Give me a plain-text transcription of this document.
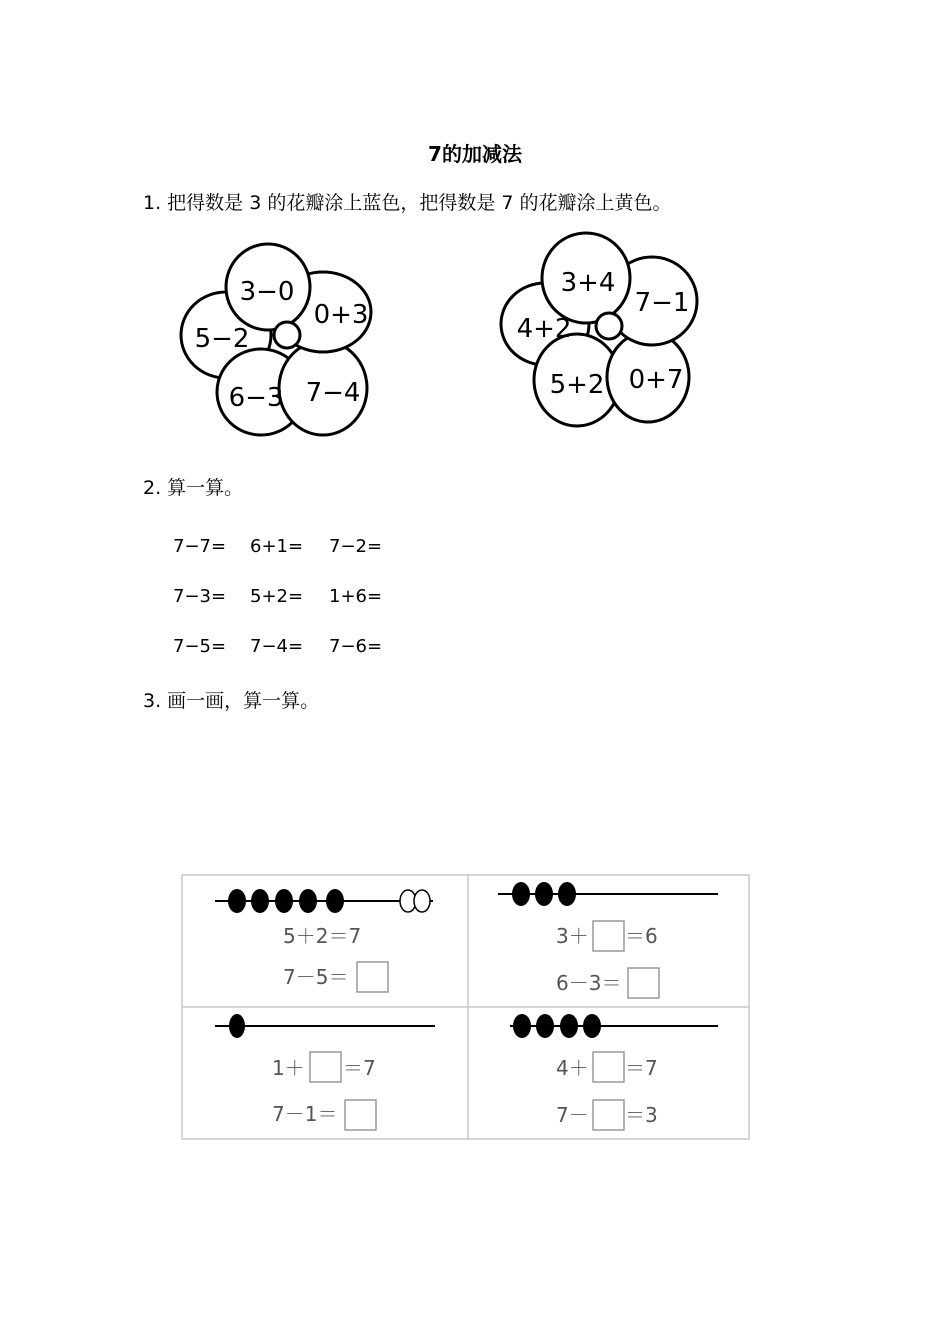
7的加减法
1. 把得数是 3 的花瓣涂上蓝色，把得数是 7 的花瓣涂上黄色。
3−0
0+3
7−4
6−3
5−2
3+4
7−1
0+7
5+2
4+2
2. 算一算。
7−7= 6+1= 7−2=
7−3= 5+2= 1+6=
7−5= 7−4= 7−6=
3. 画一画，算一算。
5＋2＝7
7－5＝
3＋ ＝6
6－3＝
1＋ ＝7
7－1＝
4＋ ＝7
7－ ＝3
